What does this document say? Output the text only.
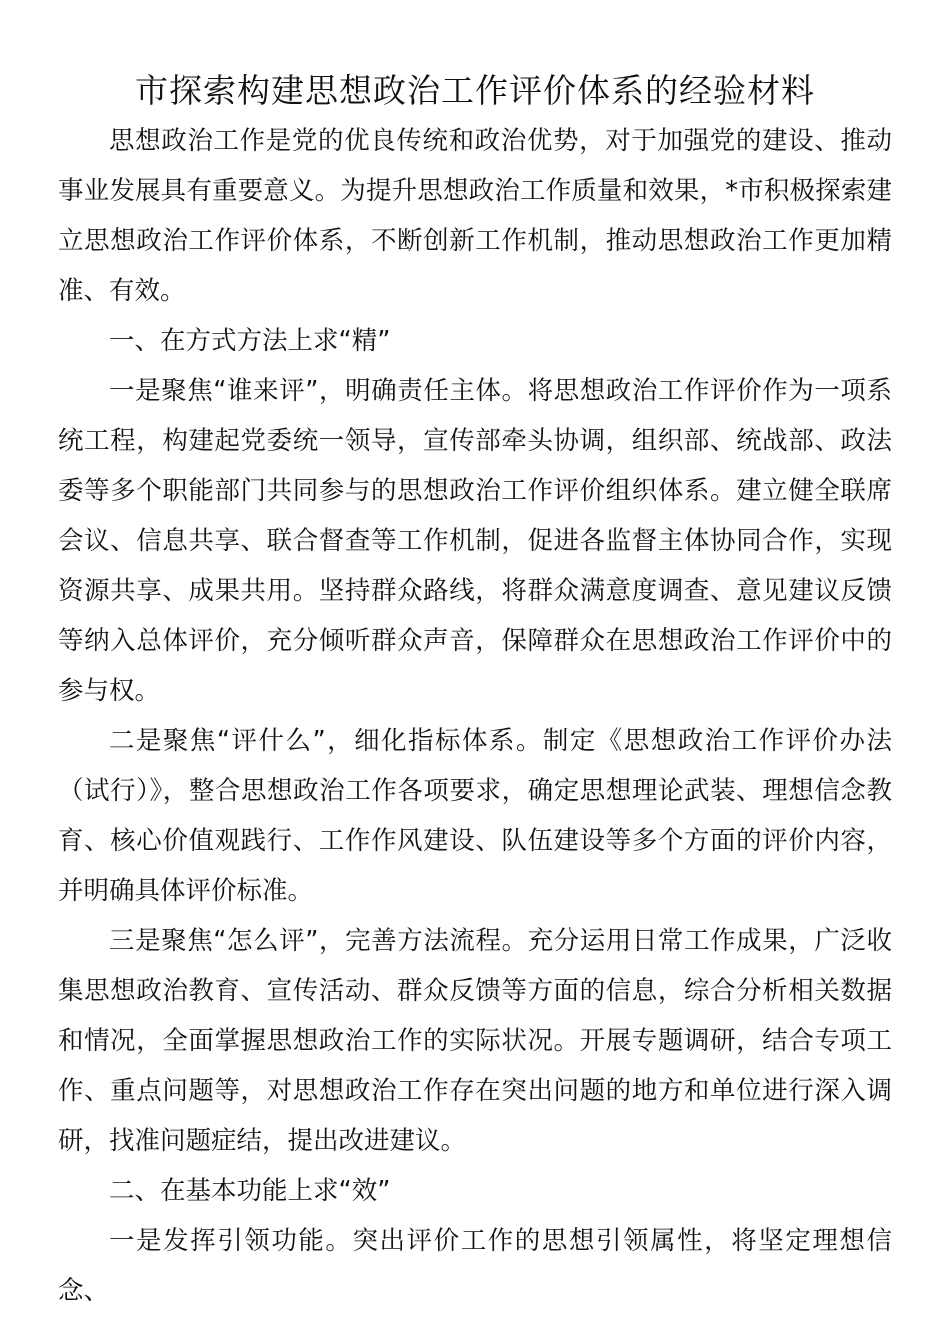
市探索构建思想政治工作评价体系的经验材料

思想政治工作是党的优良传统和政治优势，对于加强党的建设、推动事业发展具有重要意义。为提升思想政治工作质量和效果，*市积极探索建立思想政治工作评价体系，不断创新工作机制，推动思想政治工作更加精准、有效。

一、在方式方法上求“精”

一是聚焦“谁来评”，明确责任主体。将思想政治工作评价作为一项系统工程，构建起党委统一领导，宣传部牵头协调，组织部、统战部、政法委等多个职能部门共同参与的思想政治工作评价组织体系。建立健全联席会议、信息共享、联合督查等工作机制，促进各监督主体协同合作，实现资源共享、成果共用。坚持群众路线，将群众满意度调查、意见建议反馈等纳入总体评价，充分倾听群众声音，保障群众在思想政治工作评价中的参与权。

二是聚焦“评什么”，细化指标体系。制定《思想政治工作评价办法（试行）》，整合思想政治工作各项要求，确定思想理论武装、理想信念教育、核心价值观践行、工作作风建设、队伍建设等多个方面的评价内容，并明确具体评价标准。

三是聚焦“怎么评”，完善方法流程。充分运用日常工作成果，广泛收集思想政治教育、宣传活动、群众反馈等方面的信息，综合分析相关数据和情况，全面掌握思想政治工作的实际状况。开展专题调研，结合专项工作、重点问题等，对思想政治工作存在突出问题的地方和单位进行深入调研，找准问题症结，提出改进建议。

二、在基本功能上求“效”

一是发挥引领功能。突出评价工作的思想引领属性，将坚定理想信念、
